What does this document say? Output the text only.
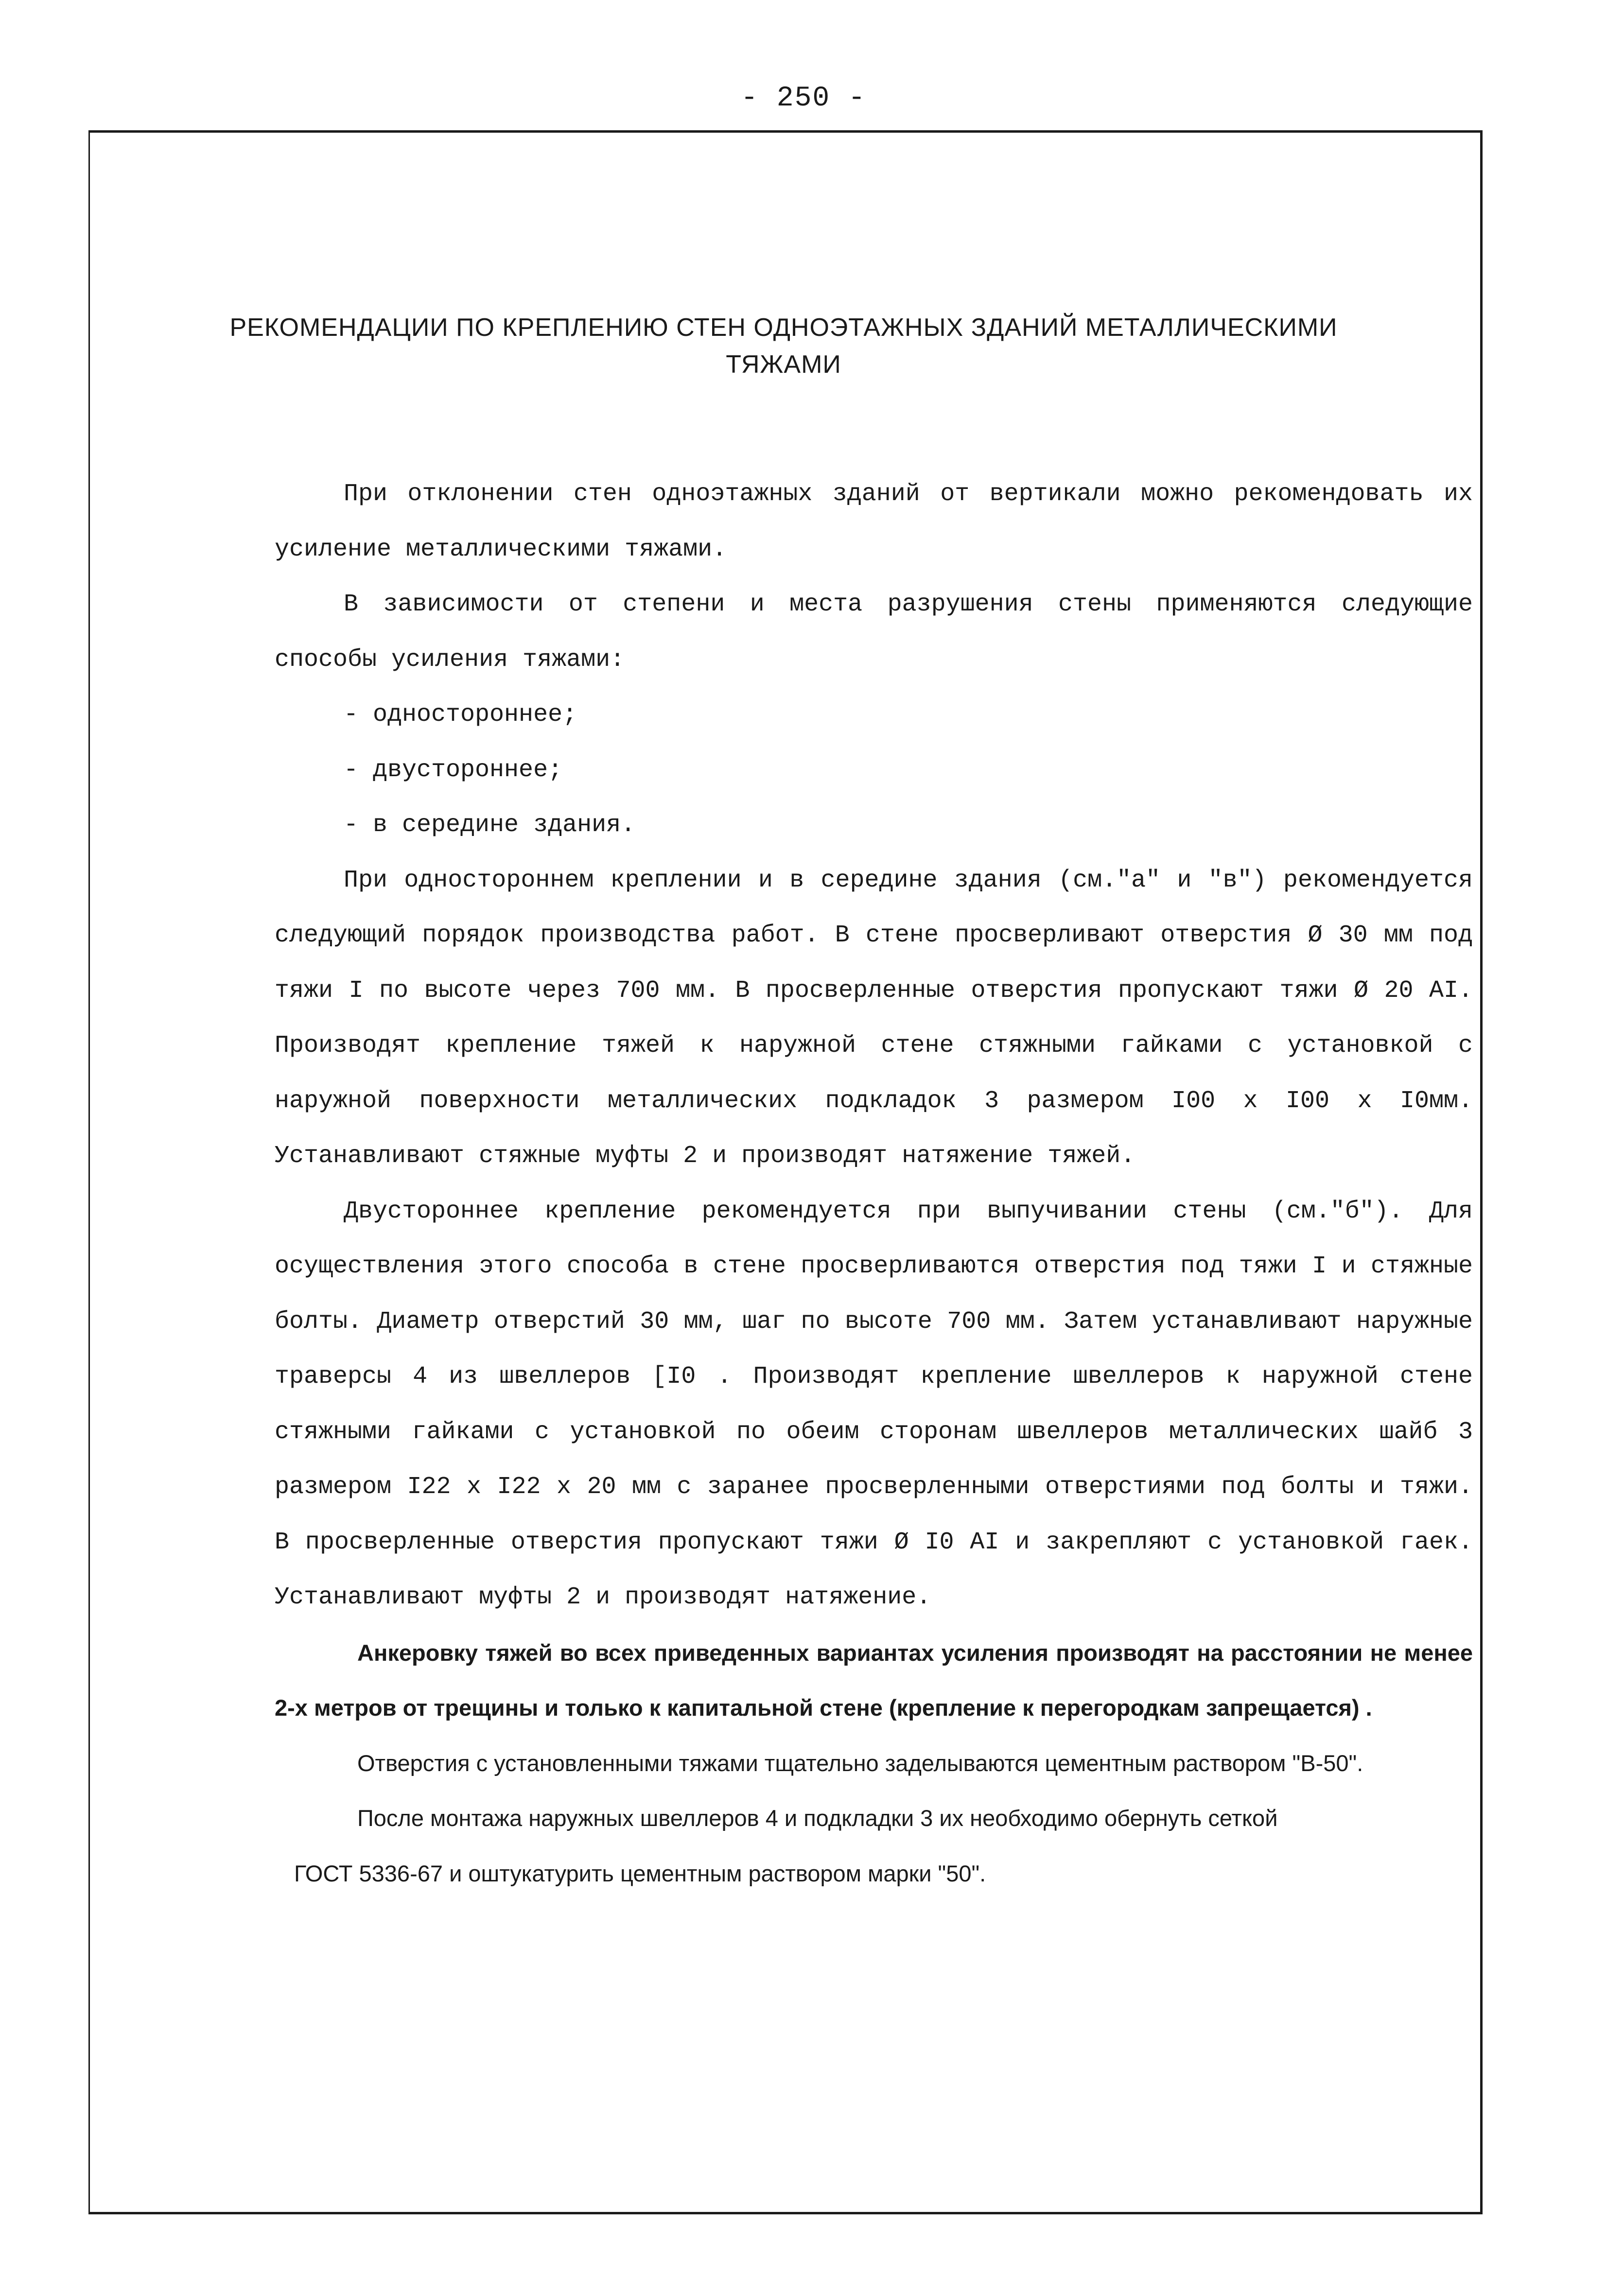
- 250 -
РЕКОМЕНДАЦИИ ПО КРЕПЛЕНИЮ СТЕН ОДНОЭТАЖНЫХ ЗДАНИЙ МЕТАЛЛИЧЕСКИМИ
ТЯЖАМИ

При отклонении стен одноэтажных зданий от вертикали можно рекомендовать их усиление металлическими тяжами.

В зависимости от степени и места разрушения стены применяются следующие способы усиления тяжами:

- одностороннее;

- двустороннее;

- в середине здания.

При одностороннем креплении и в середине здания (см."а" и "в") рекомендуется следующий порядок производства работ. В стене просверливают отверстия Ø 30 мм под тяжи I по высоте через 700 мм. В просверленные отверстия пропускают тяжи Ø 20 АI. Производят крепление тяжей к наружной стене стяжными гайками с установкой с наружной поверхности металлических подкладок 3 размером I00 x I00 x I0мм. Устанавливают стяжные муфты 2 и производят натяжение тяжей.

Двустороннее крепление рекомендуется при выпучивании стены (см."б"). Для осуществления этого способа в стене просверливаются отверстия под тяжи I и стяжные болты. Диаметр отверстий 30 мм, шаг по высоте 700 мм. Затем устанавливают наружные траверсы 4 из швеллеров [I0 . Производят крепление швеллеров к наружной стене стяжными гайками с установкой по обеим сторонам швеллеров металлических шайб 3 размером I22 x I22 x 20 мм с заранее просверленными отверстиями под болты и тяжи. В просверленные отверстия пропускают тяжи Ø I0 АI и закрепляют с установкой гаек. Устанавливают муфты 2 и производят натяжение.

Анкеровку тяжей во всех приведенных вариантах усиления производят на расстоянии не менее 2-х метров от трещины и только к капитальной стене (крепление к перегородкам запрещается) .

Отверстия с установленными тяжами тщательно заделываются цементным раствором "В-50".

После монтажа наружных швеллеров 4 и подкладки 3 их необходимо обернуть сеткой

ГОСТ 5336-67 и оштукатурить цементным раствором марки "50".
